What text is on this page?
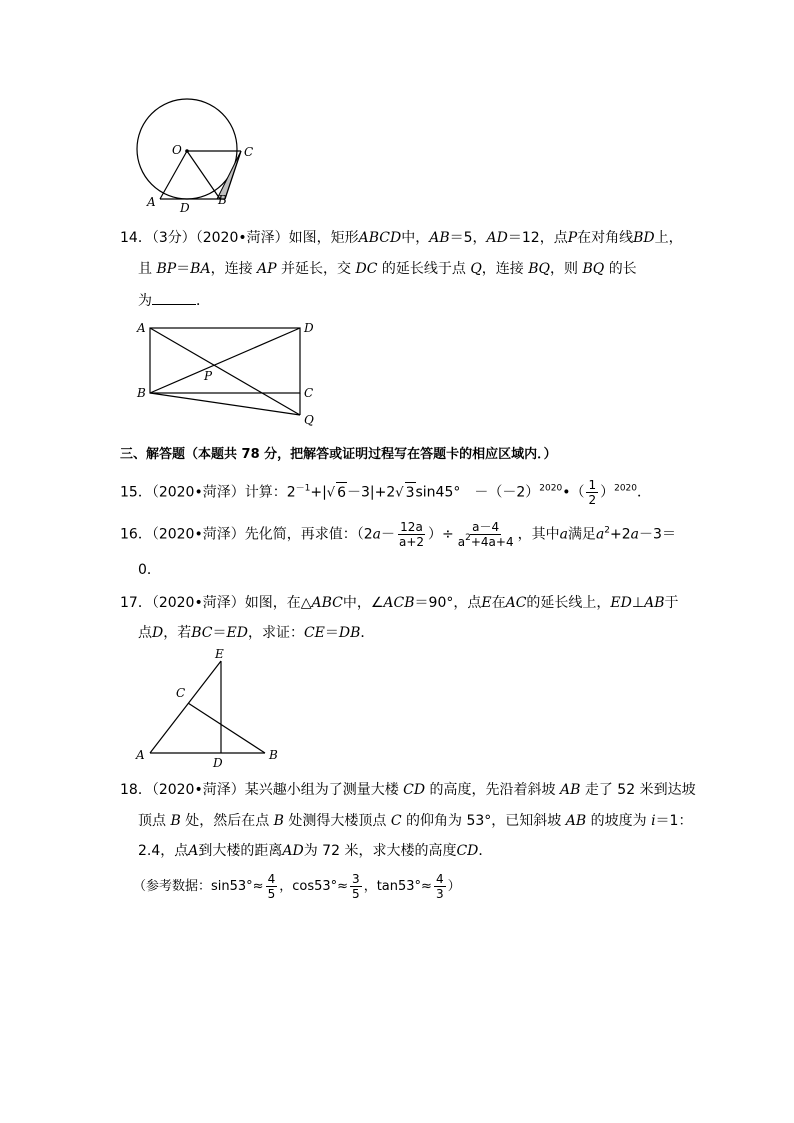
O	C
A D
B
14．（3分）（2020•菏泽）如图，矩形ABCD中，AB＝5，AD＝12，点P在对角线BD上，
且 BP＝BA，连接 AP 并延长，交 DC 的延长线于点 Q，连接 BQ，则 BQ 的长
为	．
A	D
P
B	C
Q
三、解答题（本题共 78 分，把解答或证明过程写在答题卡的相应区域内．）
15．（2020•菏泽）计算：$2^{-1}+|√$ 6－3|+2√ 3sin45°　$-(-2)^{2020}•( \frac{1}{2} )^{2020}$．
16．（2020•菏泽）先化简，再求值：（$2a- \frac{12a}{a+2}$ ）÷ $\frac{a-4}{a^2+4a+4}$ ，其中a满足$a^2+2a-3=$
0．
17．（2020•菏泽）如图，在△ABC中，∠ACB＝90°，点E在AC的延长线上，ED⊥AB于
点D，若BC＝ED，求证：CE＝DB．
E
C
A
D
B
18．（2020•菏泽）某兴趣小组为了测量大楼 CD 的高度，先沿着斜坡 AB 走了 52 米到达坡
顶点 B 处，然后在点 B 处测得大楼顶点 C 的仰角为 53°，已知斜坡 AB 的坡度为 i＝1：
2.4，点A到大楼的距离AD为 72 米，求大楼的高度CD．
（参考数据：$\sin 53^\circ\approx \frac{4}{5}$ ，$\cos 53^\circ\approx \frac{3}{5}$ ，$\tan 53^\circ\approx \frac{4}{3}$ ）
